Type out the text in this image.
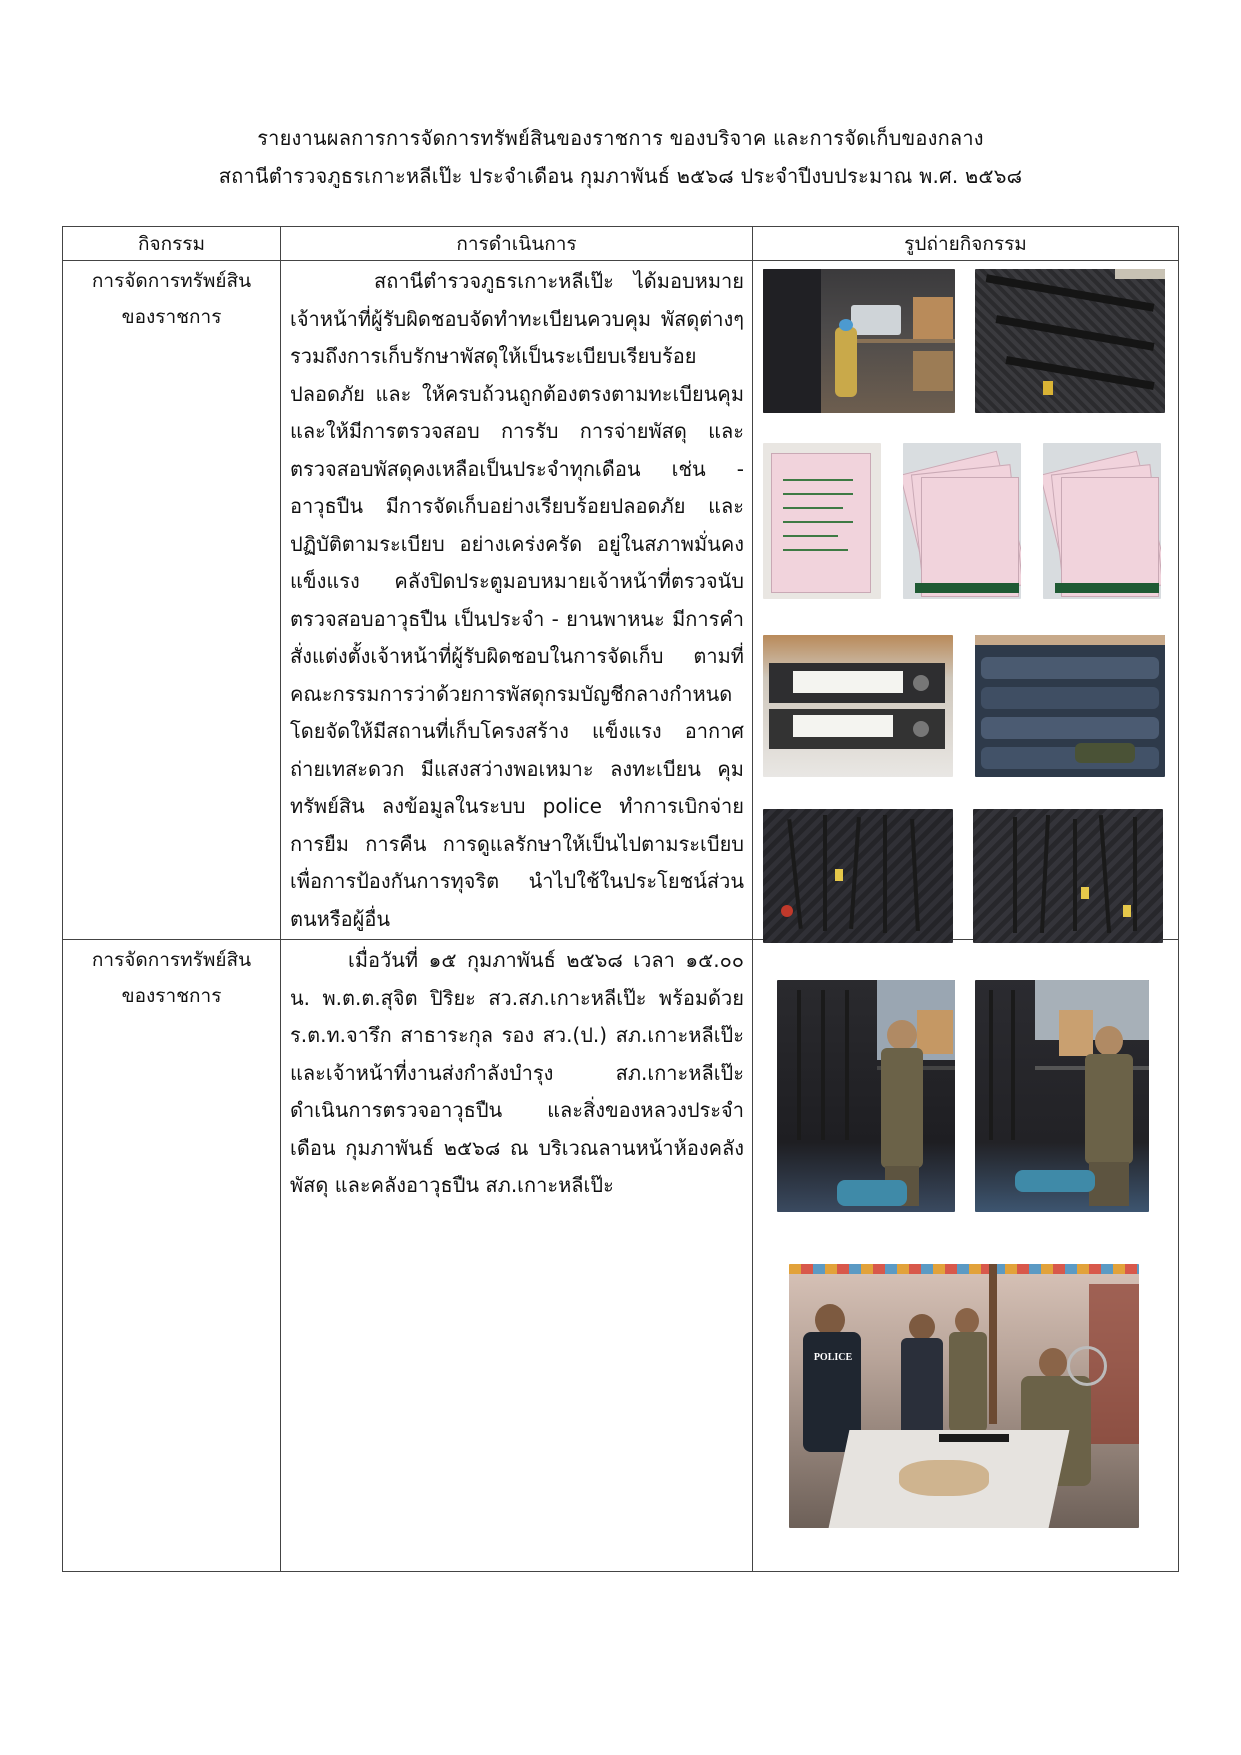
รายงานผลการการจัดการทรัพย์สินของราชการ ของบริจาค และการจัดเก็บของกลาง
สถานีตำรวจภูธรเกาะหลีเป๊ะ ประจำเดือน กุมภาพันธ์ ๒๕๖๘ ประจำปีงบประมาณ พ.ศ. ๒๕๖๘
กิจกรรม	การดำเนินการ	รูปถ่ายกิจกรรม

การจัดการทรัพย์สิน
ของราชการ	สถานีตำรวจภูธรเกาะหลีเป๊ะ ได้มอบหมายเจ้าหน้าที่ผู้รับผิดชอบจัดทำทะเบียนควบคุม พัสดุต่างๆ รวมถึงการเก็บรักษาพัสดุให้เป็นระเบียบเรียบร้อย ปลอดภัย และ ให้ครบถ้วนถูกต้องตรงตามทะเบียนคุม และให้มีการตรวจสอบ การรับ การจ่ายพัสดุ และตรวจสอบพัสดุคงเหลือเป็นประจำทุกเดือน เช่น - อาวุธปืน มีการจัดเก็บอย่างเรียบร้อยปลอดภัย และปฏิบัติตามระเบียบ อย่างเคร่งครัด อยู่ในสภาพมั่นคงแข็งแรง คลังปิดประตูมอบหมายเจ้าหน้าที่ตรวจนับ ตรวจสอบอาวุธปืน เป็นประจำ - ยานพาหนะ มีการคำสั่งแต่งตั้งเจ้าหน้าที่ผู้รับผิดชอบในการจัดเก็บ ตามที่ คณะกรรมการว่าด้วยการพัสดุกรมบัญชีกลางกำหนด โดยจัดให้มีสถานที่เก็บโครงสร้าง แข็งแรง อากาศถ่ายเทสะดวก มีแสงสว่างพอเหมาะ ลงทะเบียน คุมทรัพย์สิน ลงข้อมูลในระบบ police ทำการเบิกจ่าย การยืม การคืน การดูแลรักษาให้เป็นไปตามระเบียบเพื่อการป้องกันการทุจริต นำไปใช้ในประโยชน์ส่วนตนหรือผู้อื่น	

การจัดการทรัพย์สิน
ของราชการ	เมื่อวันที่ ๑๕ กุมภาพันธ์ ๒๕๖๘ เวลา ๑๕.๐๐ น. พ.ต.ต.สุจิต ปิริยะ สว.สภ.เกาะหลีเป๊ะ พร้อมด้วย ร.ต.ท.จารึก สาธาระกุล รอง สว.(ป.) สภ.เกาะหลีเป๊ะ และเจ้าหน้าที่งานส่งกำลังบำรุง สภ.เกาะหลีเป๊ะ ดำเนินการตรวจอาวุธปืน และสิ่งของหลวงประจำเดือน กุมภาพันธ์ ๒๕๖๘ ณ บริเวณลานหน้าห้องคลังพัสดุ และคลังอาวุธปืน สภ.เกาะหลีเป๊ะ	POLICE
